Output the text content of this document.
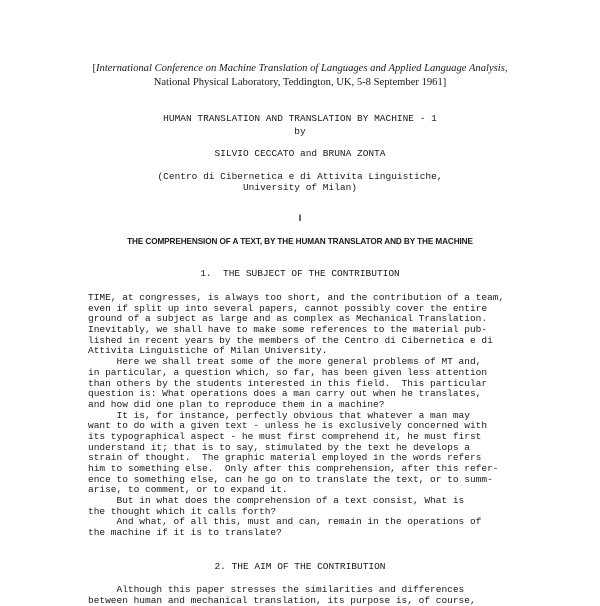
[International Conference on Machine Translation of Languages and Applied Language Analysis,
National Physical Laboratory, Teddington, UK, 5-8 September 1961]
HUMAN TRANSLATION AND TRANSLATION BY MACHINE - 1
by
SILVIO CECCATO and BRUNA ZONTA
(Centro di Cibernetica e di Attivita Linguistiche,
University of Milan)
I
THE COMPREHENSION OF A TEXT, BY THE HUMAN TRANSLATOR AND BY THE MACHINE
1.  THE SUBJECT OF THE CONTRIBUTION
TIME, at congresses, is always too short, and the contribution of a team,
even if split up into several papers, cannot possibly cover the entire
ground of a subject as large and as complex as Mechanical Translation.
Inevitably, we shall have to make some references to the material pub-
lished in recent years by the members of the Centro di Cibernetica e di
Attivita Linguistiche of Milan University.
Here we shall treat some of the more general problems of MT and,
in particular, a question which, so far, has been given less attention
than others by the students interested in this field.  This particular
question is: What operations does a man carry out when he translates,
and how did one plan to reproduce them in a machine?
It is, for instance, perfectly obvious that whatever a man may
want to do with a given text - unless he is exclusively concerned with
its typographical aspect - he must first comprehend it, he must first
understand it; that is to say, stimulated by the text he develops a
strain of thought.  The graphic material employed in the words refers
him to something else.  Only after this comprehension, after this refer-
ence to something else, can he go on to translate the text, or to summ-
arise, to comment, or to expand it.
But in what does the comprehension of a text consist, What is
the thought which it calls forth?
And what, of all this, must and can, remain in the operations of
the machine if it is to translate?
2. THE AIM OF THE CONTRIBUTION
Although this paper stresses the similarities and differences
between human and mechanical translation, its purpose is, of course,
